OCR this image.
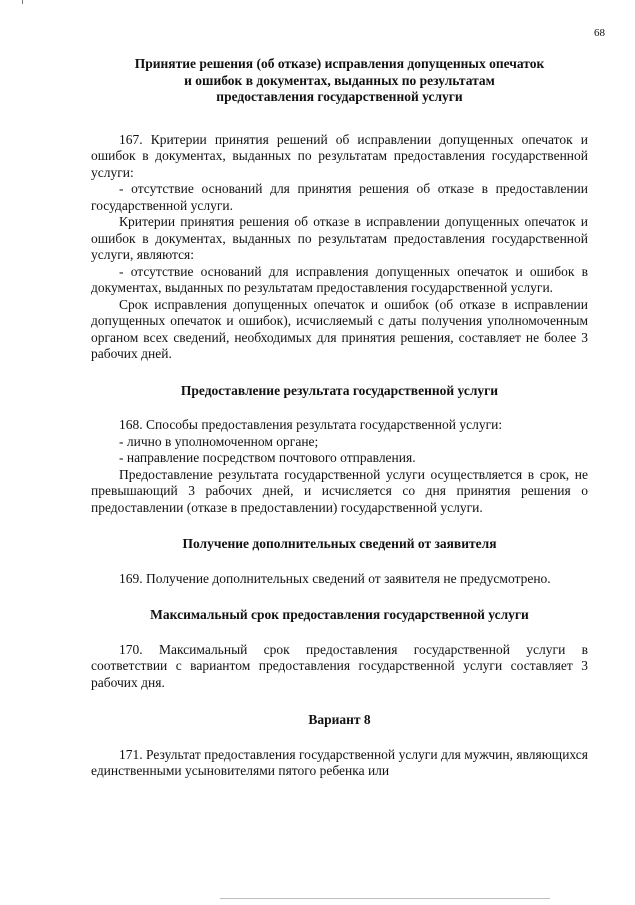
68
Принятие решения (об отказе) исправления допущенных опечаток
и ошибок в документах, выданных по результатам
предоставления государственной услуги

167. Критерии принятия решений об исправлении допущенных опечаток и ошибок в документах, выданных по результатам предоставления государственной услуги:

- отсутствие оснований для принятия решения об отказе в предоставлении государственной услуги.

Критерии принятия решения об отказе в исправлении допущенных опечаток и ошибок в документах, выданных по результатам предоставления государственной услуги, являются:

- отсутствие оснований для исправления допущенных опечаток и ошибок в документах, выданных по результатам предоставления государственной услуги.

Срок исправления допущенных опечаток и ошибок (об отказе в исправлении допущенных опечаток и ошибок), исчисляемый с даты получения уполномоченным органом всех сведений, необходимых для принятия решения, составляет не более 3 рабочих дней.

Предоставление результата государственной услуги

168. Способы предоставления результата государственной услуги:

- лично в уполномоченном органе;

- направление посредством почтового отправления.

Предоставление результата государственной услуги осуществляется в срок, не превышающий 3 рабочих дней, и исчисляется со дня принятия решения о предоставлении (отказе в предоставлении) государственной услуги.

Получение дополнительных сведений от заявителя

169. Получение дополнительных сведений от заявителя не предусмотрено.

Максимальный срок предоставления государственной услуги

170. Максимальный срок предоставления государственной услуги в соответствии с вариантом предоставления государственной услуги составляет 3 рабочих дня.

Вариант 8

171. Результат предоставления государственной услуги для мужчин, являющихся единственными усыновителями пятого ребенка или
